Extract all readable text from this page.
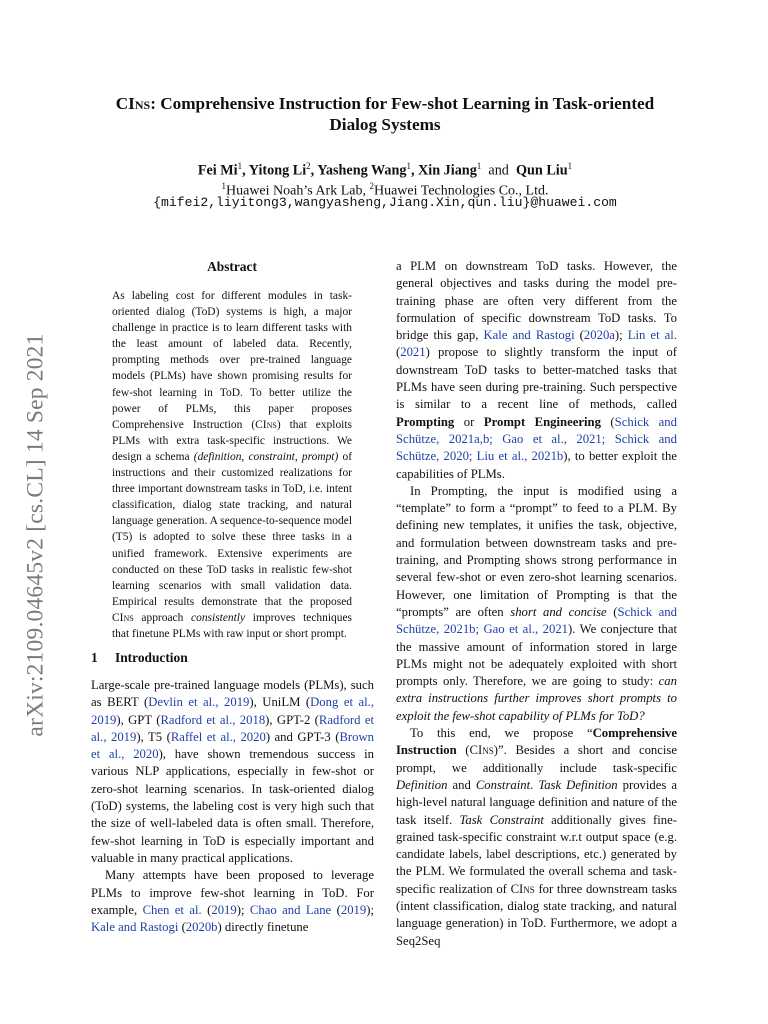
arXiv:2109.04645v2 [cs.CL] 14 Sep 2021
CIns: Comprehensive Instruction for Few-shot Learning in Task-oriented
Dialog Systems
Fei Mi$^1$, Yitong Li$^2$, Yasheng Wang$^1$, Xin Jiang$^1$ and Qun Liu$^1$
$^1$Huawei Noah’s Ark Lab, $^2$Huawei Technologies Co., Ltd.
{mifei2,liyitong3,wangyasheng,Jiang.Xin,qun.liu}@huawei.com
Abstract
As labeling cost for different modules in task-oriented dialog (ToD) systems is high, a major challenge in practice is to learn different tasks with the least amount of labeled data. Recently, prompting methods over pre-trained language models (PLMs) have shown promising results for few-shot learning in ToD. To better utilize the power of PLMs, this paper proposes Comprehensive Instruction (CIns) that exploits PLMs with extra task-specific instructions. We design a schema (definition, constraint, prompt) of instructions and their customized realizations for three important downstream tasks in ToD, i.e. intent classification, dialog state tracking, and natural language generation. A sequence-to-sequence model (T5) is adopted to solve these three tasks in a unified framework. Extensive experiments are conducted on these ToD tasks in realistic few-shot learning scenarios with small validation data. Empirical results demonstrate that the proposed CIns approach consistently improves techniques that finetune PLMs with raw input or short prompt.
1 Introduction

Large-scale pre-trained language models (PLMs), such as BERT (Devlin et al., 2019), UniLM (Dong et al., 2019), GPT (Radford et al., 2018), GPT-2 (Radford et al., 2019), T5 (Raffel et al., 2020) and GPT-3 (Brown et al., 2020), have shown tremendous success in various NLP applications, especially in few-shot or zero-shot learning scenarios. In task-oriented dialog (ToD) systems, the labeling cost is very high such that the size of well-labeled data is often small. Therefore, few-shot learning in ToD is especially important and valuable in many practical applications.

Many attempts have been proposed to leverage PLMs to improve few-shot learning in ToD. For example, Chen et al. (2019); Chao and Lane (2019); Kale and Rastogi (2020b) directly finetune

a PLM on downstream ToD tasks. However, the general objectives and tasks during the model pre-training phase are often very different from the formulation of specific downstream ToD tasks. To bridge this gap, Kale and Rastogi (2020a); Lin et al. (2021) propose to slightly transform the input of downstream ToD tasks to better-matched tasks that PLMs have seen during pre-training. Such perspective is similar to a recent line of methods, called Prompting or Prompt Engineering (Schick and Schütze, 2021a,b; Gao et al., 2021; Schick and Schütze, 2020; Liu et al., 2021b), to better exploit the capabilities of PLMs.

In Prompting, the input is modified using a “template” to form a “prompt” to feed to a PLM. By defining new templates, it unifies the task, objective, and formulation between downstream tasks and pre-training, and Prompting shows strong performance in several few-shot or even zero-shot learning scenarios. However, one limitation of Prompting is that the “prompts” are often short and concise (Schick and Schütze, 2021b; Gao et al., 2021). We conjecture that the massive amount of information stored in large PLMs might not be adequately exploited with short prompts only. Therefore, we are going to study: can extra instructions further improves short prompts to exploit the few-shot capability of PLMs for ToD?

To this end, we propose “Comprehensive Instruction (CIns)”. Besides a short and concise prompt, we additionally include task-specific Definition and Constraint. Task Definition provides a high-level natural language definition and nature of the task itself. Task Constraint additionally gives fine-grained task-specific constraint w.r.t output space (e.g. candidate labels, label descriptions, etc.) generated by the PLM. We formulated the overall schema and task-specific realization of CIns for three downstream tasks (intent classification, dialog state tracking, and natural language generation) in ToD. Furthermore, we adopt a Seq2Seq
